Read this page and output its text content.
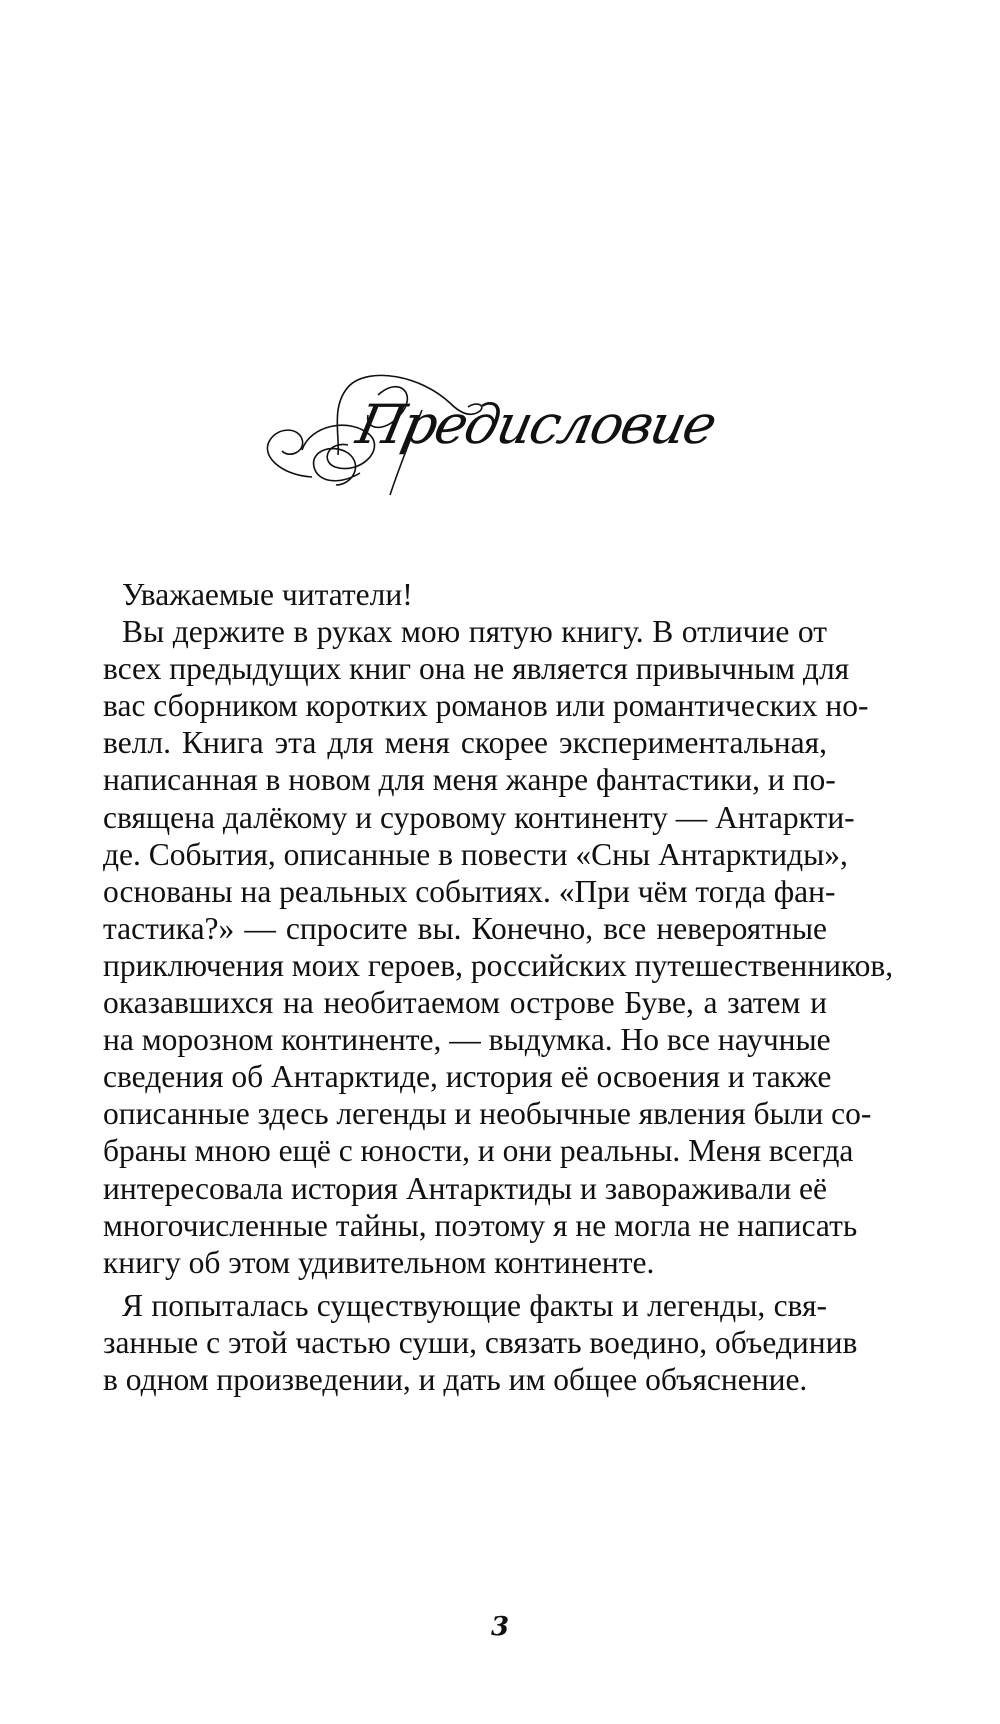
Предисловие
Уважаемые читатели!
Вы держите в руках мою пятую книгу. В отличие от
всех предыдущих книг она не является привычным для
вас сборником коротких романов или романтических но-
велл. Книга эта для меня скорее экспериментальная,
написанная в новом для меня жанре фантастики, и по-
священа далёкому и суровому континенту — Антаркти-
де. События, описанные в повести «Сны Антарктиды»,
основаны на реальных событиях. «При чём тогда фан-
тастика?» — спросите вы. Конечно, все невероятные
приключения моих героев, российских путешественников,
оказавшихся на необитаемом острове Буве, а затем и
на морозном континенте, — выдумка. Но все научные
сведения об Антарктиде, история её освоения и также
описанные здесь легенды и необычные явления были со-
браны мною ещё с юности, и они реальны. Меня всегда
интересовала история Антарктиды и завораживали её
многочисленные тайны, поэтому я не могла не написать
книгу об этом удивительном континенте.
Я попыталась существующие факты и легенды, свя-
занные с этой частью суши, связать воедино, объединив
в одном произведении, и дать им общее объяснение.
3
